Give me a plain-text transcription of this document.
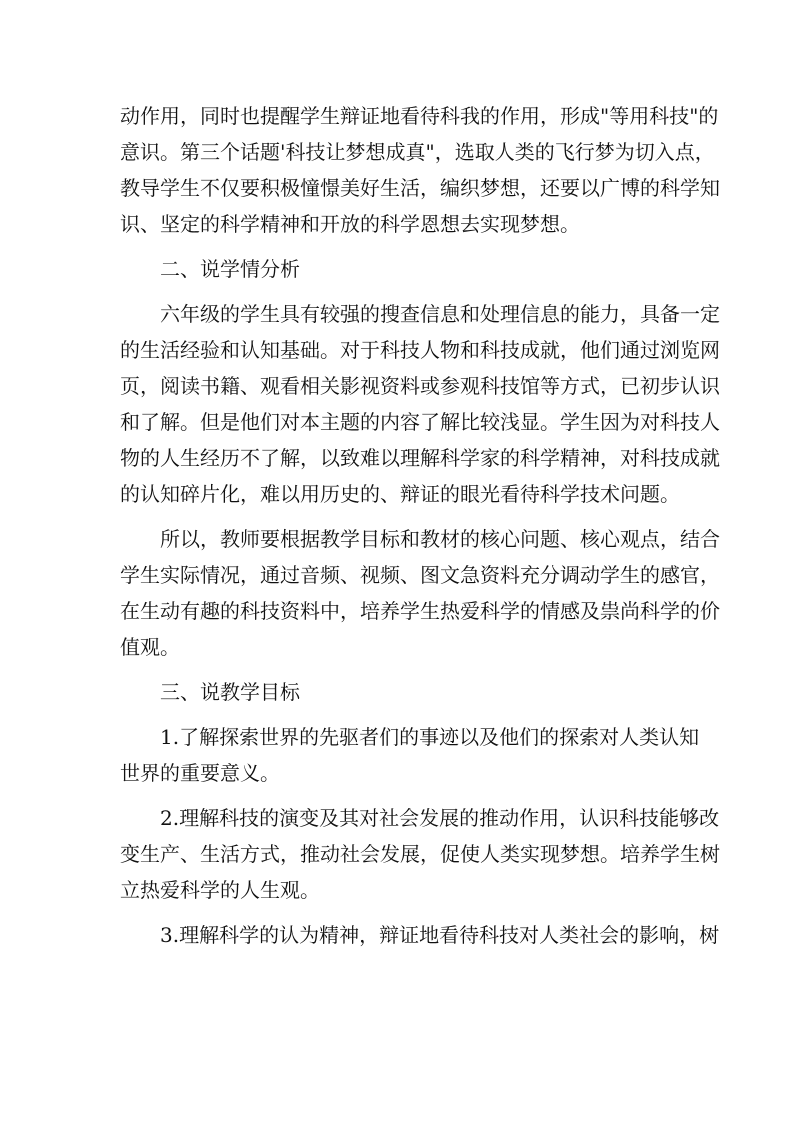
动作用，同时也提醒学生辩证地看待科我的作用，形成"等用科技"的
意识。第三个话题'科技让梦想成真"，选取人类的飞行梦为切入点，
教导学生不仅要积极憧憬美好生活，编织梦想，还要以广博的科学知
识、坚定的科学精神和开放的科学恩想去实现梦想。
二、说学情分析
六年级的学生具有较强的搜查信息和处理信息的能力，具备一定
的生活经验和认知基础。对于科技人物和科技成就，他们通过浏览网
页，阅读书籍、观看相关影视资料或参观科技馆等方式，已初步认识
和了解。但是他们对本主题的内容了解比较浅显。学生因为对科技人
物的人生经历不了解，以致难以理解科学家的科学精神，对科技成就
的认知碎片化，难以用历史的、辩证的眼光看待科学技术问题。
所以，教师要根据教学目标和教材的核心问题、核心观点，结合
学生实际情况，通过音频、视频、图文急资料充分调动学生的感官，
在生动有趣的科技资料中，培养学生热爱科学的情感及祟尚科学的价
值观。
三、说教学目标
1.了解探索世界的先驱者们的事迹以及他们的探索对人类认知
世界的重要意义。
2.理解科技的演变及其对社会发展的推动作用，认识科技能够改
变生产、生活方式，推动社会发展，促使人类实现梦想。培养学生树
立热爱科学的人生观。
3.理解科学的认为精神，辩证地看待科技对人类社会的影响，树
